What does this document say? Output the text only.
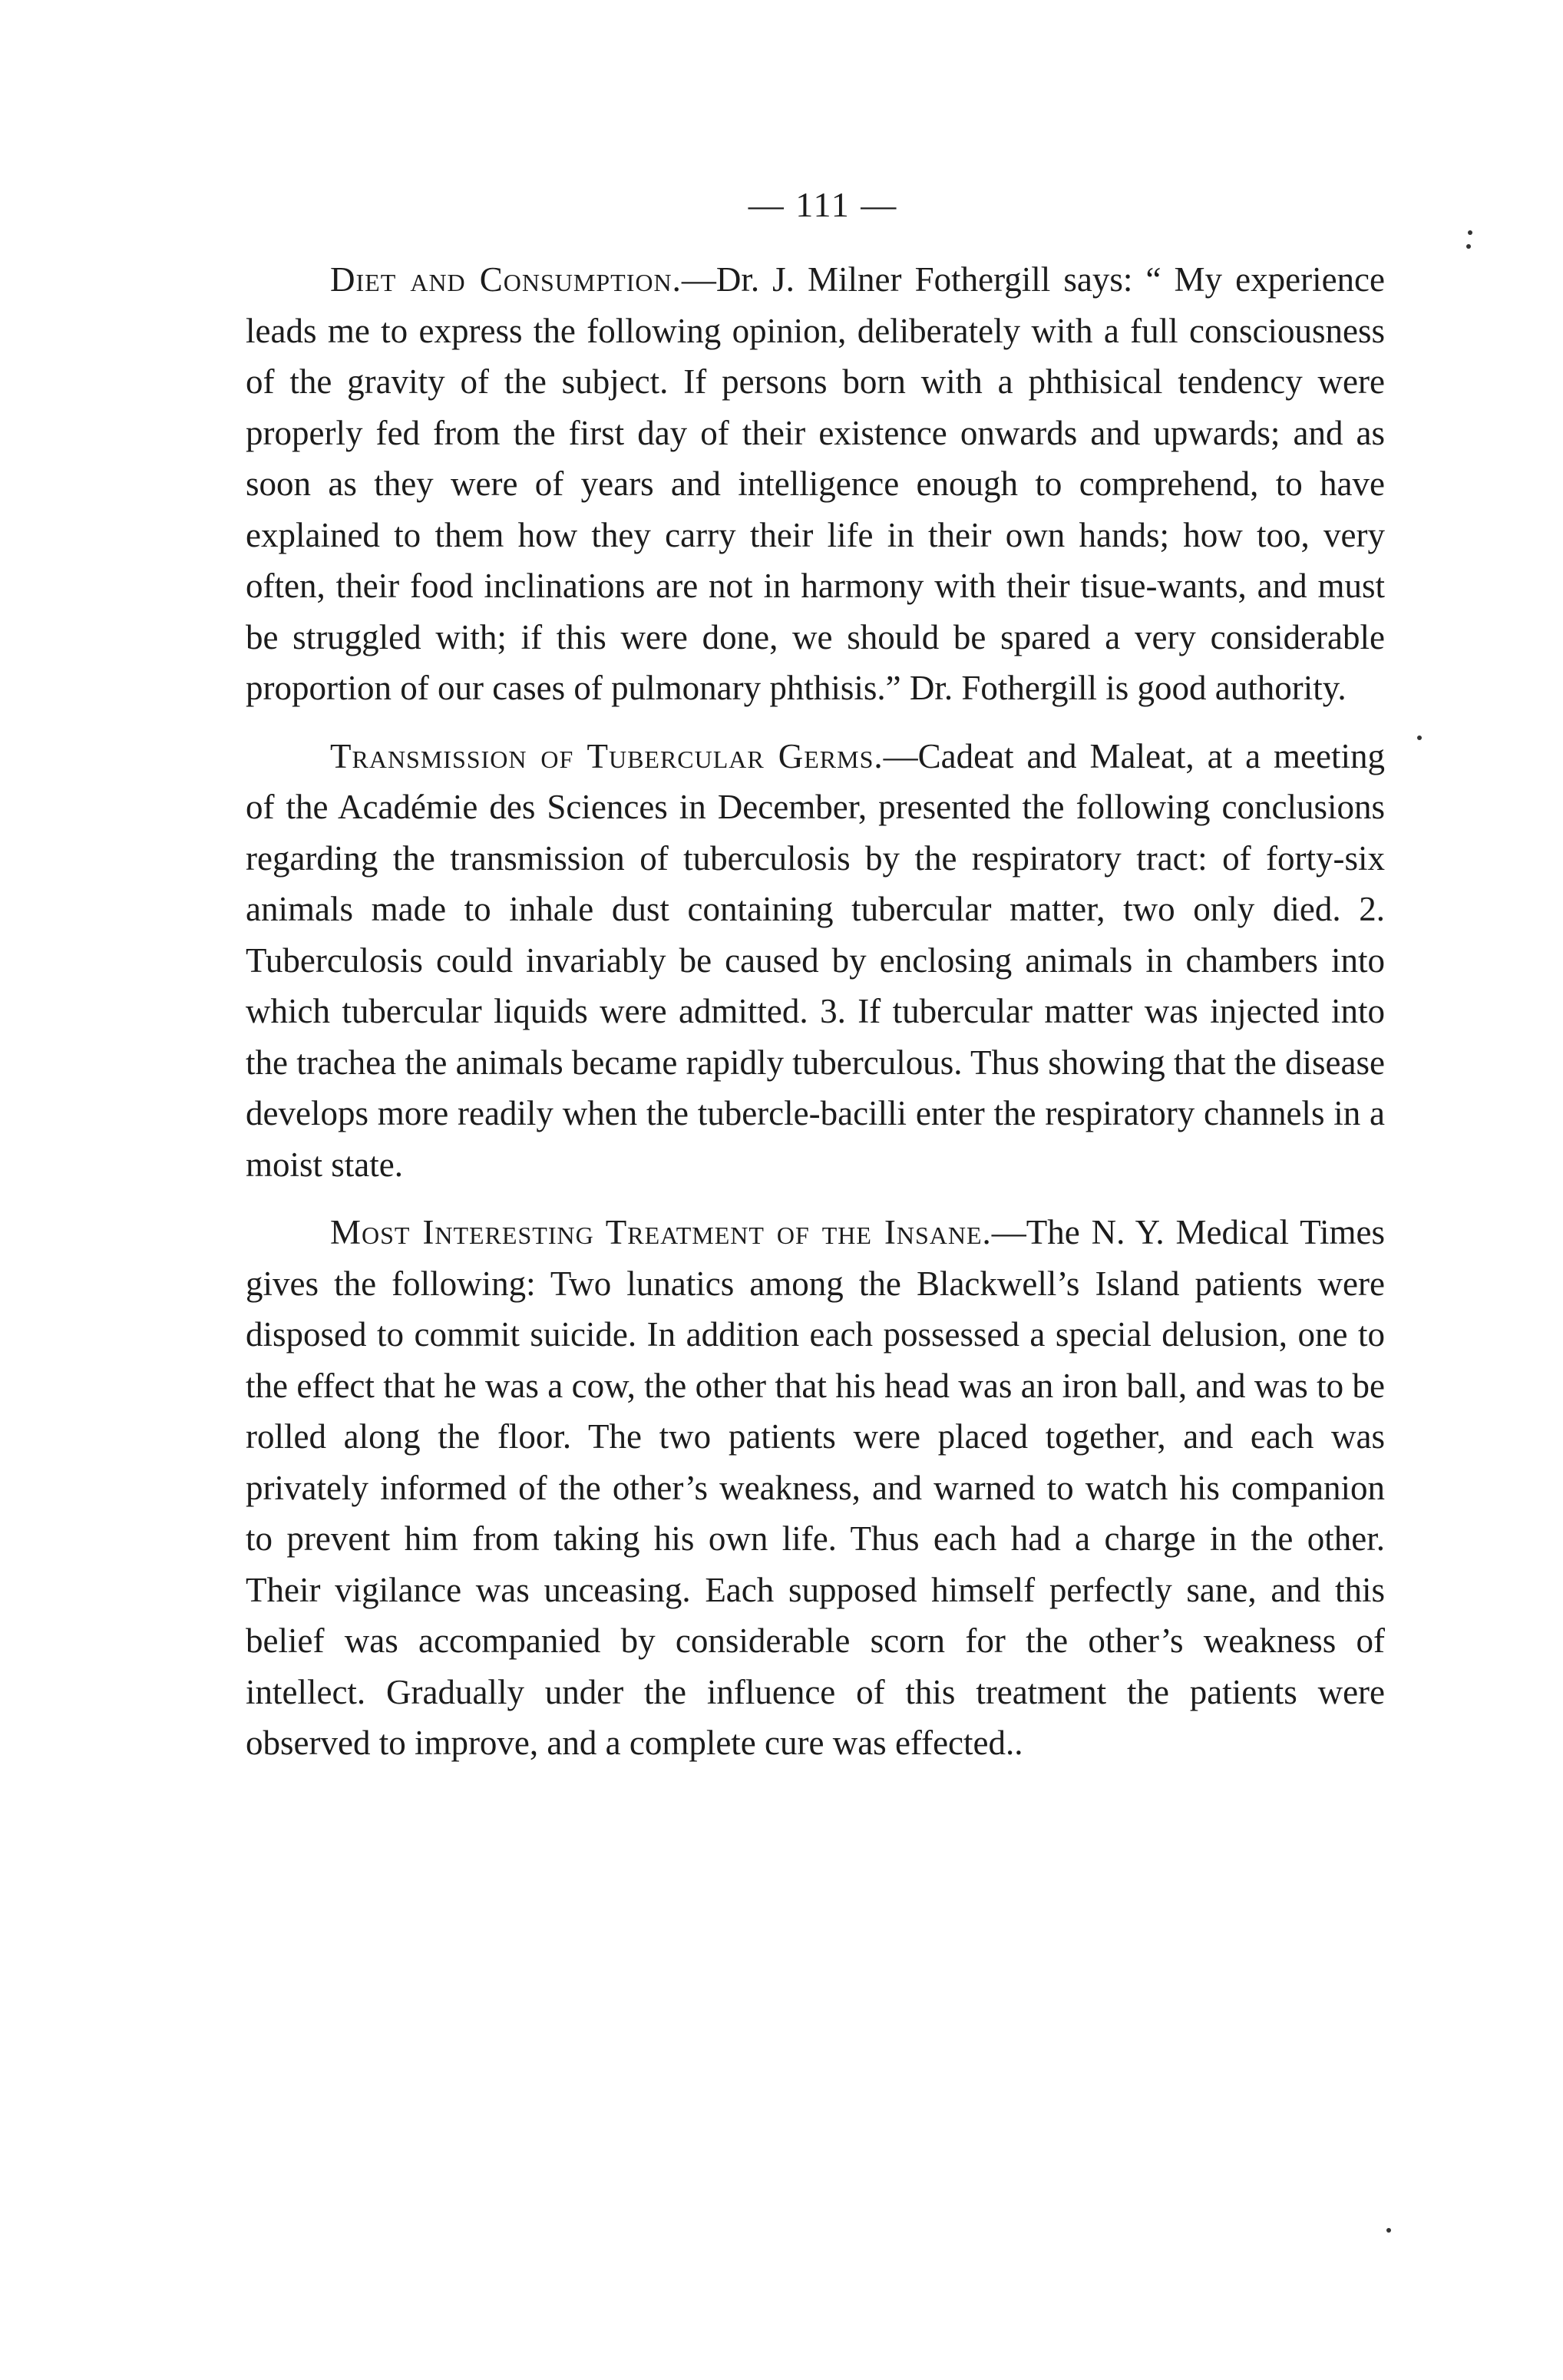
— 111 —

Diet and Consumption.—Dr. J. Milner Fothergill says: “ My experience leads me to express the following opinion, deliberately with a full consciousness of the gravity of the subject. If persons born with a phthisical tendency were properly fed from the first day of their existence onwards and upwards; and as soon as they were of years and intelligence enough to comprehend, to have explained to them how they carry their life in their own hands; how too, very often, their food inclinations are not in harmony with their tisue-wants, and must be struggled with; if this were done, we should be spared a very considerable proportion of our cases of pulmonary phthisis.” Dr. Fothergill is good authority.

Transmission of Tubercular Germs.—Cadeat and Maleat, at a meeting of the Académie des Sciences in December, presented the following conclusions regarding the transmission of tuberculosis by the respiratory tract: of forty-six animals made to inhale dust containing tubercular matter, two only died. 2. Tuberculosis could invariably be caused by enclosing animals in chambers into which tubercular liquids were admitted. 3. If tubercular matter was injected into the trachea the animals became rapidly tuberculous. Thus showing that the disease develops more readily when the tubercle-bacilli enter the respiratory channels in a moist state.

Most Interesting Treatment of the Insane.—The N. Y. Medical Times gives the following: Two lunatics among the Blackwell’s Island patients were disposed to commit suicide. In addition each possessed a special delusion, one to the effect that he was a cow, the other that his head was an iron ball, and was to be rolled along the floor. The two patients were placed together, and each was privately informed of the other’s weakness, and warned to watch his companion to prevent him from taking his own life. Thus each had a charge in the other. Their vigilance was unceasing. Each supposed himself perfectly sane, and this belief was accompanied by considerable scorn for the other’s weakness of intellect. Gradually under the influence of this treatment the patients were observed to improve, and a complete cure was effected..
